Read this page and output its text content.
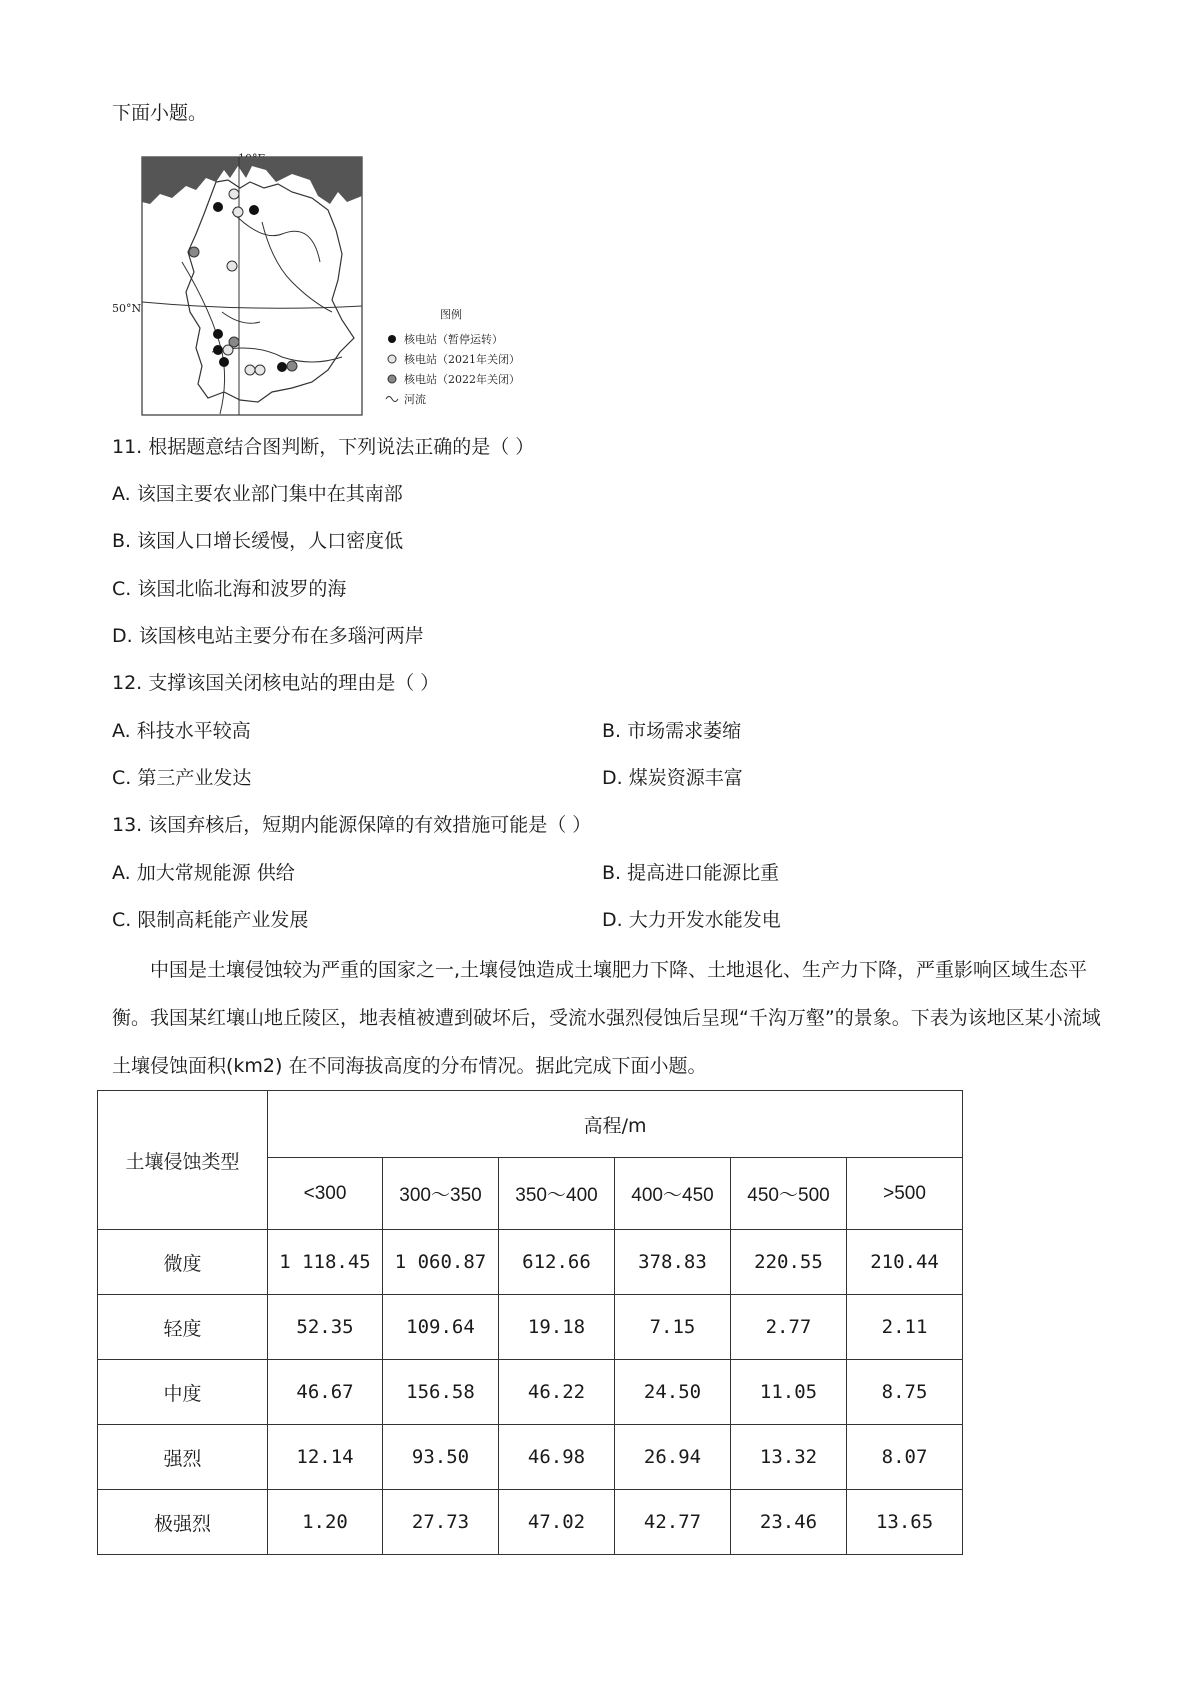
下面小题。
50°N	图例
核电站（暂停运转）
核电站（2021年关闭）
核电站（2022年关闭）
河流
11. 根据题意结合图判断，下列说法正确的是（ ）
A. 该国主要农业部门集中在其南部
B. 该国人口增长缓慢，人口密度低
C. 该国北临北海和波罗的海
D. 该国核电站主要分布在多瑙河两岸
12. 支撑该国关闭核电站的理由是（ ）
A. 科技水平较高	B. 市场需求萎缩
C. 第三产业发达	D. 煤炭资源丰富
13. 该国弃核后，短期内能源保障的有效措施可能是（ ）
A. 加大常规能源 供给	B. 提高进口能源比重
C. 限制高耗能产业发展	D. 大力开发水能发电
中国是土壤侵蚀较为严重的国家之一,土壤侵蚀造成土壤肥力下降、土地退化、生产力下降，严重影响区域生态平衡。我国某红壤山地丘陵区，地表植被遭到破坏后，受流水强烈侵蚀后呈现“千沟万壑”的景象。下表为该地区某小流域土壤侵蚀面积(km2) 在不同海拔高度的分布情况。据此完成下面小题。
土壤侵蚀类型	高程/m					
	<300	300～350	350～400	400～450	450～500	>500
微度	1 118.45	1 060.87	612.66	378.83	220.55	210.44
轻度	52.35	109.64	19.18	7.15	2.77	2.11
中度	46.67	156.58	46.22	24.50	11.05	8.75
强烈	12.14	93.50	46.98	26.94	13.32	8.07
极强烈	1.20	27.73	47.02	42.77	23.46	13.65
